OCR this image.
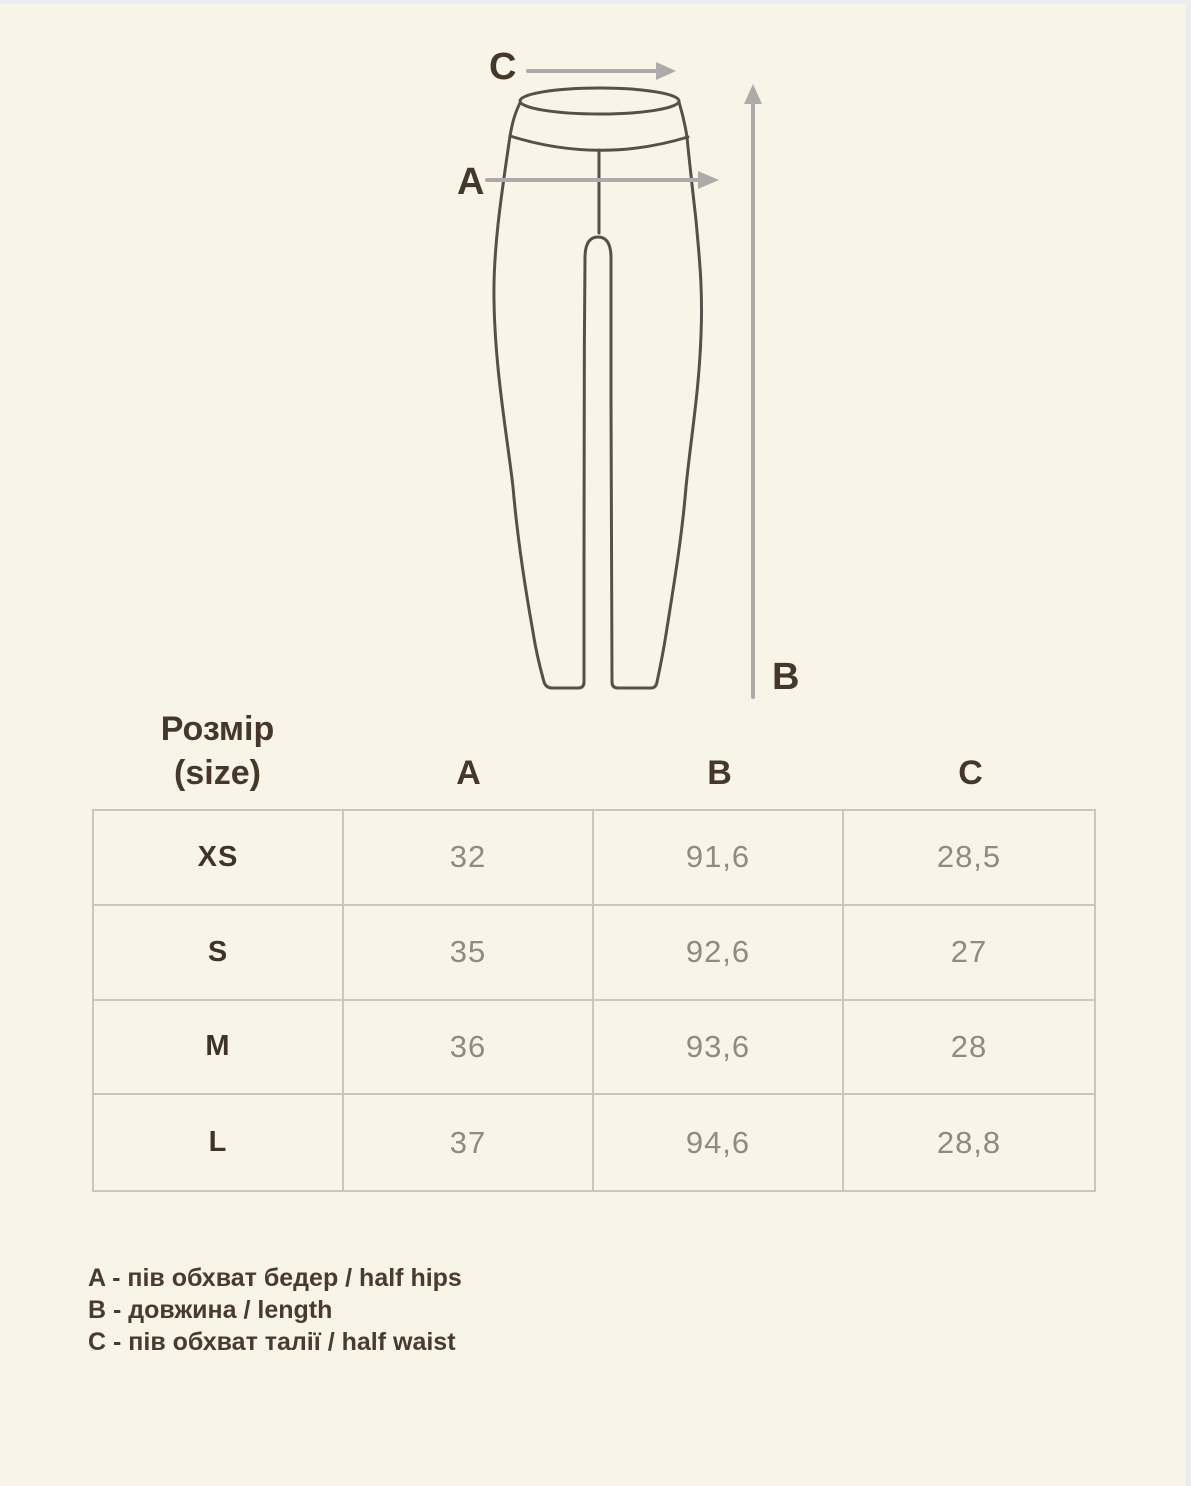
C
A
B
Розмір
(size)	A	B	C
XS	32	91,6	28,5
S	35	92,6	27
M	36	93,6	28
L	37	94,6	28,8
A - пів обхват бедер / half hips
B - довжина / length
C - пів обхват талії / half waist
